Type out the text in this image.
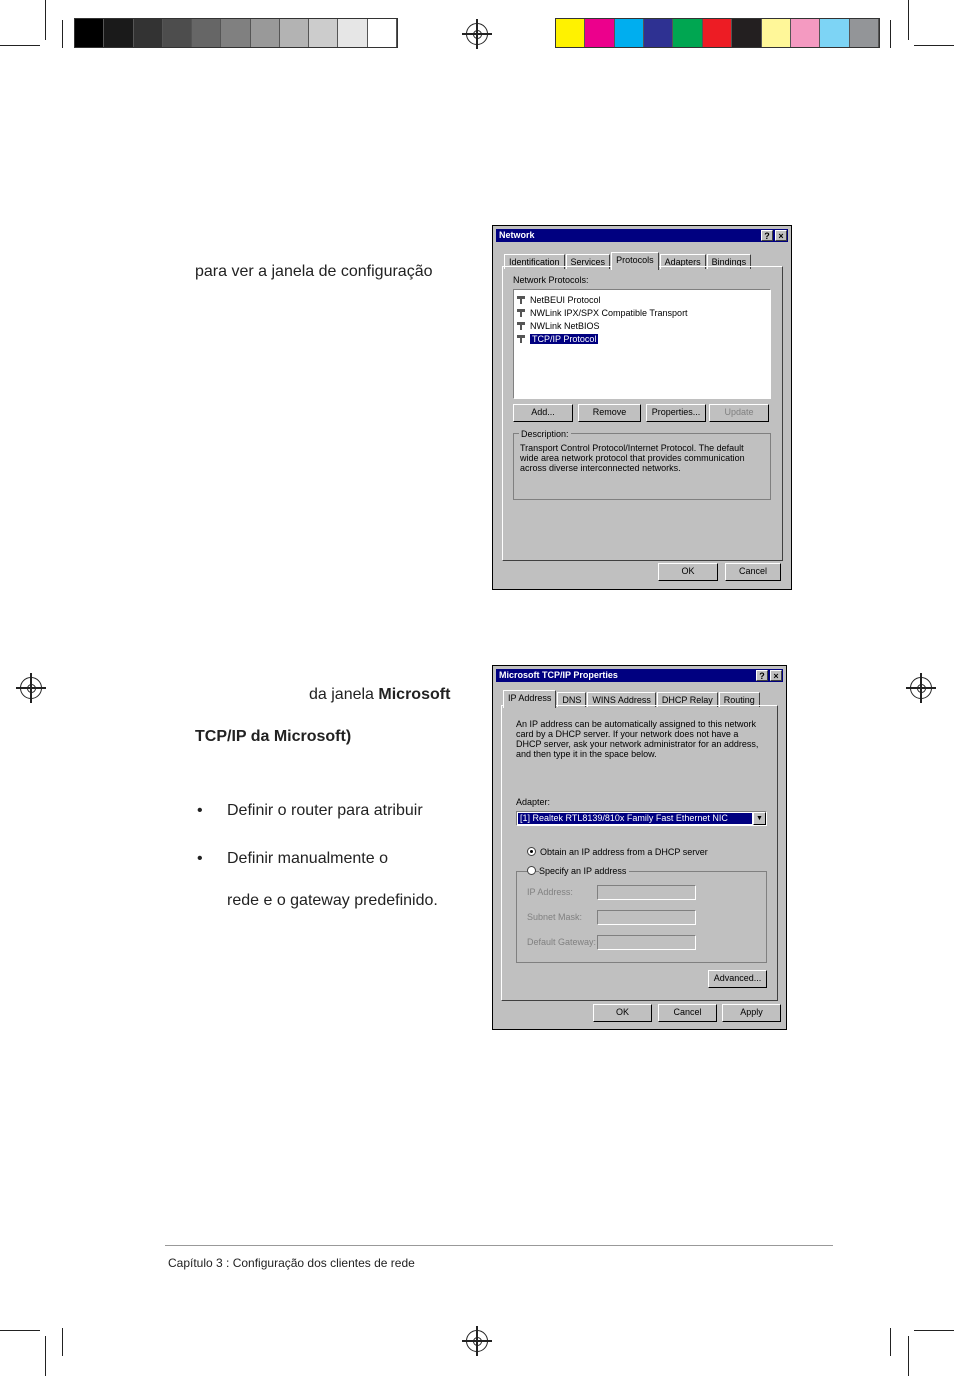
para ver a janela de configuração
da janela Microsoft
TCP/IP da Microsoft)
• Definir o router para atribuir
• Definir manualmente o
rede e o gateway predefinido.
Network	? ×
Identification	Services	Protocols	Adapters	Bindings
Network Protocols:
NetBEUI Protocol
NWLink IPX/SPX Compatible Transport
NWLink NetBIOS
TCP/IP Protocol
Add...	Remove	Properties...	Update
Description:
Transport Control Protocol/Internet Protocol. The default wide area network protocol that provides communication across diverse interconnected networks.
OK	Cancel
Microsoft TCP/IP Properties	? ×
IP Address	DNS	WINS Address	DHCP Relay	Routing
An IP address can be automatically assigned to this network card by a DHCP server. If your network does not have a DHCP server, ask your network administrator for an address, and then type it in the space below.
Adapter:
[1] Realtek RTL8139/810x Family Fast Ethernet NIC	▼
Obtain an IP address from a DHCP server
Specify an IP address
IP Address:
Subnet Mask:
Default Gateway:
Advanced...
OK	Cancel	Apply
Capítulo 3 : Configuração dos clientes de rede
